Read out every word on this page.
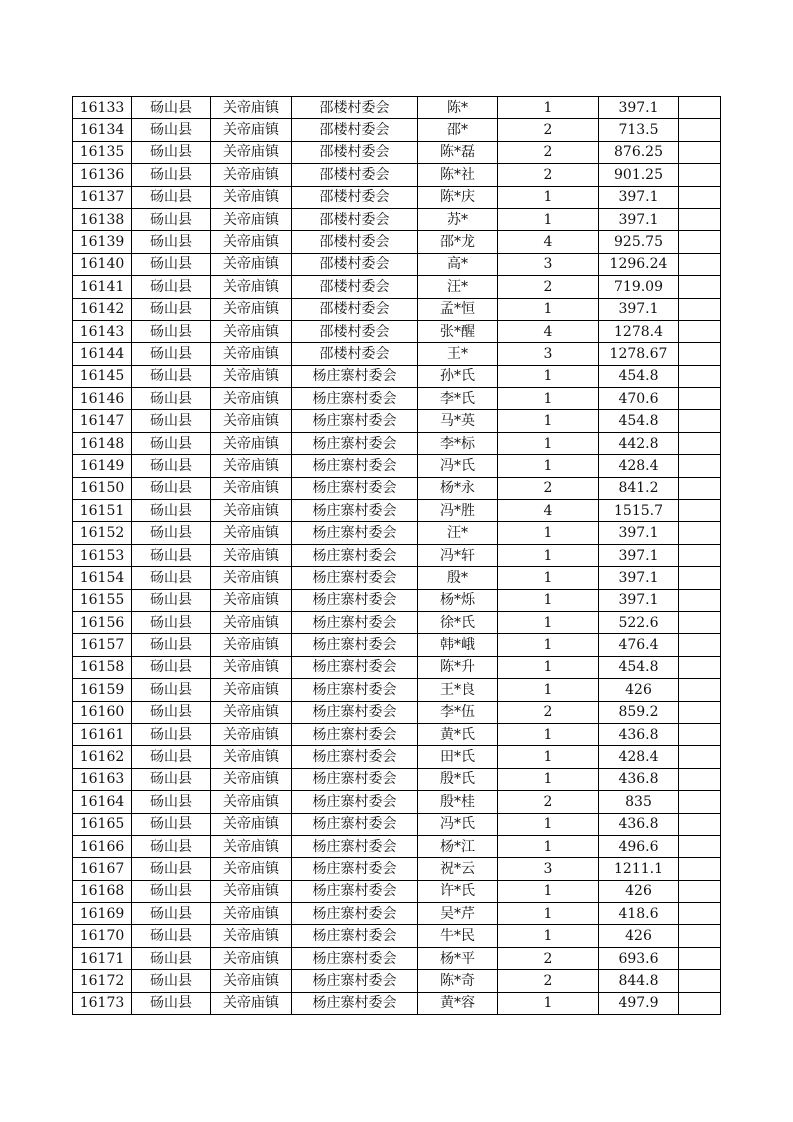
16133	砀山县	关帝庙镇	邵楼村委会	陈*	1	397.1	
16134	砀山县	关帝庙镇	邵楼村委会	邵*	2	713.5	
16135	砀山县	关帝庙镇	邵楼村委会	陈*磊	2	876.25	
16136	砀山县	关帝庙镇	邵楼村委会	陈*社	2	901.25	
16137	砀山县	关帝庙镇	邵楼村委会	陈*庆	1	397.1	
16138	砀山县	关帝庙镇	邵楼村委会	苏*	1	397.1	
16139	砀山县	关帝庙镇	邵楼村委会	邵*龙	4	925.75	
16140	砀山县	关帝庙镇	邵楼村委会	高*	3	1296.24	
16141	砀山县	关帝庙镇	邵楼村委会	汪*	2	719.09	
16142	砀山县	关帝庙镇	邵楼村委会	孟*恒	1	397.1	
16143	砀山县	关帝庙镇	邵楼村委会	张*醒	4	1278.4	
16144	砀山县	关帝庙镇	邵楼村委会	王*	3	1278.67	
16145	砀山县	关帝庙镇	杨庄寨村委会	孙*氏	1	454.8	
16146	砀山县	关帝庙镇	杨庄寨村委会	李*氏	1	470.6	
16147	砀山县	关帝庙镇	杨庄寨村委会	马*英	1	454.8	
16148	砀山县	关帝庙镇	杨庄寨村委会	李*标	1	442.8	
16149	砀山县	关帝庙镇	杨庄寨村委会	冯*氏	1	428.4	
16150	砀山县	关帝庙镇	杨庄寨村委会	杨*永	2	841.2	
16151	砀山县	关帝庙镇	杨庄寨村委会	冯*胜	4	1515.7	
16152	砀山县	关帝庙镇	杨庄寨村委会	汪*	1	397.1	
16153	砀山县	关帝庙镇	杨庄寨村委会	冯*轩	1	397.1	
16154	砀山县	关帝庙镇	杨庄寨村委会	殷*	1	397.1	
16155	砀山县	关帝庙镇	杨庄寨村委会	杨*烁	1	397.1	
16156	砀山县	关帝庙镇	杨庄寨村委会	徐*氏	1	522.6	
16157	砀山县	关帝庙镇	杨庄寨村委会	韩*峨	1	476.4	
16158	砀山县	关帝庙镇	杨庄寨村委会	陈*升	1	454.8	
16159	砀山县	关帝庙镇	杨庄寨村委会	王*良	1	426	
16160	砀山县	关帝庙镇	杨庄寨村委会	李*伍	2	859.2	
16161	砀山县	关帝庙镇	杨庄寨村委会	黄*氏	1	436.8	
16162	砀山县	关帝庙镇	杨庄寨村委会	田*氏	1	428.4	
16163	砀山县	关帝庙镇	杨庄寨村委会	殷*氏	1	436.8	
16164	砀山县	关帝庙镇	杨庄寨村委会	殷*桂	2	835	
16165	砀山县	关帝庙镇	杨庄寨村委会	冯*氏	1	436.8	
16166	砀山县	关帝庙镇	杨庄寨村委会	杨*江	1	496.6	
16167	砀山县	关帝庙镇	杨庄寨村委会	祝*云	3	1211.1	
16168	砀山县	关帝庙镇	杨庄寨村委会	许*氏	1	426	
16169	砀山县	关帝庙镇	杨庄寨村委会	吴*芹	1	418.6	
16170	砀山县	关帝庙镇	杨庄寨村委会	牛*民	1	426	
16171	砀山县	关帝庙镇	杨庄寨村委会	杨*平	2	693.6	
16172	砀山县	关帝庙镇	杨庄寨村委会	陈*奇	2	844.8	
16173	砀山县	关帝庙镇	杨庄寨村委会	黄*容	1	497.9	
